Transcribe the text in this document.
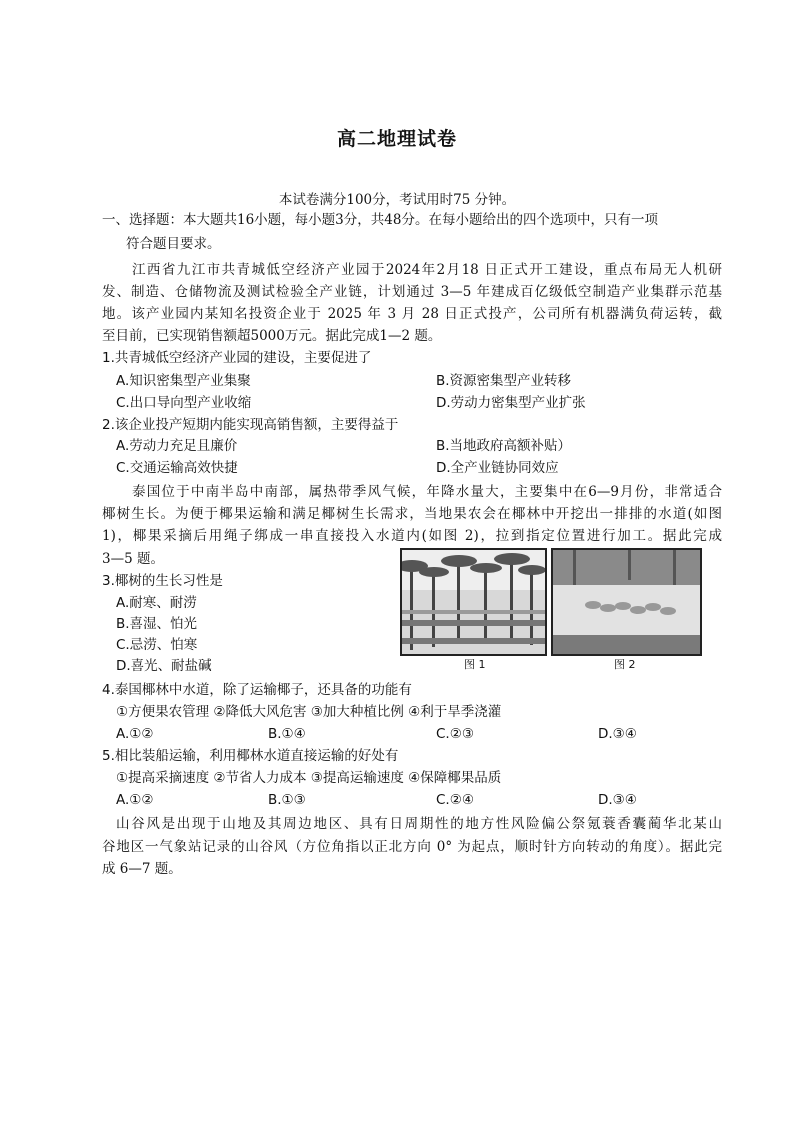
高二地理试卷
本试卷满分100分，考试用时75 分钟。
一、选择题：本大题共16小题，每小题3分，共48分。在每小题给出的四个选项中，只有一项
符合题目要求。
江西省九江市共青城低空经济产业园于2024年2月18 日正式开工建设，重点布局无人机研
发、制造、仓储物流及测试检验全产业链，计划通过 3—5 年建成百亿级低空制造产业集群示范基
地。该产业园内某知名投资企业于 2025 年 3 月 28 日正式投产，公司所有机器满负荷运转，截
至目前，已实现销售额超5000万元。据此完成1—2 题。
1.共青城低空经济产业园的建设，主要促进了
A.知识密集型产业集聚	B.资源密集型产业转移
C.出口导向型产业收缩	D.劳动力密集型产业扩张
2.该企业投产短期内能实现高销售额，主要得益于
A.劳动力充足且廉价	B.当地政府高额补贴）
C.交通运输高效快捷	D.全产业链协同效应
泰国位于中南半岛中南部，属热带季风气候，年降水量大，主要集中在6—9月份，非常适合
椰树生长。为便于椰果运输和满足椰树生长需求，当地果农会在椰林中开挖出一排排的水道(如图
1)，椰果采摘后用绳子绑成一串直接投入水道内(如图 2)，拉到指定位置进行加工。据此完成
3—5 题。
3.椰树的生长习性是
A.耐寒、耐涝
B.喜湿、怕光
C.忌涝、怕寒
D.喜光、耐盐碱	图 1	图 2
4.泰国椰林中水道，除了运输椰子，还具备的功能有
①方便果农管理 ②降低大风危害 ③加大种植比例 ④利于旱季浇灌
A.①②	B.①④	C.②③	D.③④
5.相比装船运输，利用椰林水道直接运输的好处有
①提高采摘速度 ②节省人力成本 ③提高运输速度 ④保障椰果品质
A.①②	B.①③	C.②④	D.③④
山谷风是出现于山地及其周边地区、具有日周期性的地方性风险偏公祭氪蓑香囊蔺华北某山
谷地区一气象站记录的山谷风（方位角指以正北方向 0° 为起点，顺时针方向转动的角度）。据此完
成 6—7 题。
